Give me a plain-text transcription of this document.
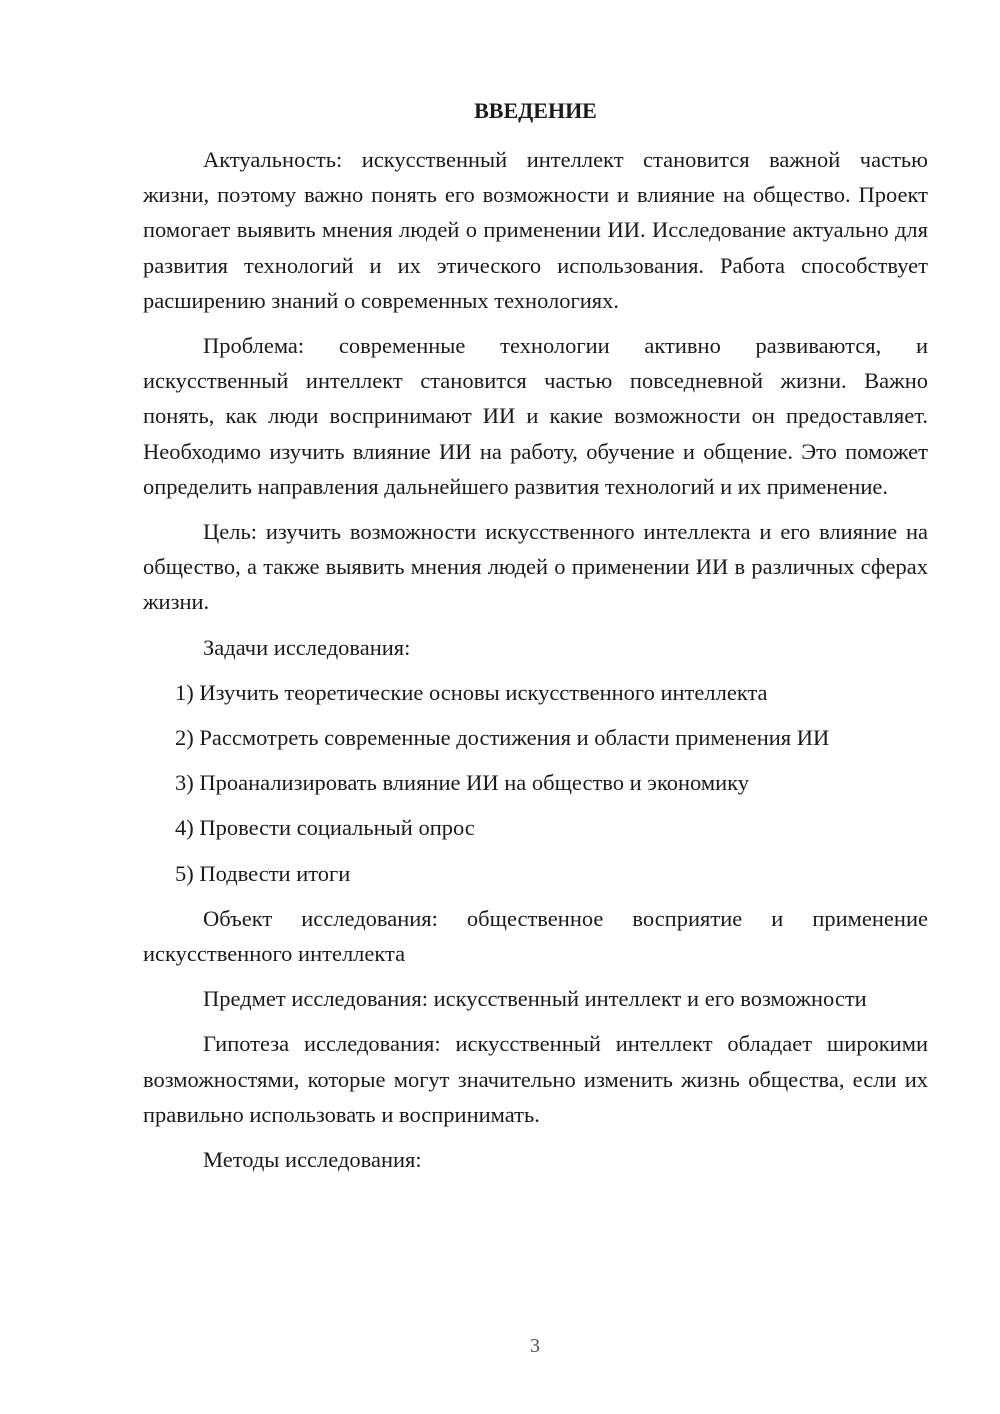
ВВЕДЕНИЕ

Актуальность: искусственный интеллект становится важной частью жизни, поэтому важно понять его возможности и влияние на общество. Проект помогает выявить мнения людей о применении ИИ. Исследование актуально для развития технологий и их этического использования. Работа способствует расширению знаний о современных технологиях.

Проблема: современные технологии активно развиваются, и искусственный интеллект становится частью повседневной жизни. Важно понять, как люди воспринимают ИИ и какие возможности он предоставляет. Необходимо изучить влияние ИИ на работу, обучение и общение. Это поможет определить направления дальнейшего развития технологий и их применение.

Цель: изучить возможности искусственного интеллекта и его влияние на общество, а также выявить мнения людей о применении ИИ в различных сферах жизни.

Задачи исследования:

1) Изучить теоретические основы искусственного интеллекта
2) Рассмотреть современные достижения и области применения ИИ
3) Проанализировать влияние ИИ на общество и экономику
4) Провести социальный опрос
5) Подвести итоги

Объект исследования: общественное восприятие и применение искусственного интеллекта

Предмет исследования: искусственный интеллект и его возможности

Гипотеза исследования: искусственный интеллект обладает широкими возможностями, которые могут значительно изменить жизнь общества, если их правильно использовать и воспринимать.

Методы исследования:

3
